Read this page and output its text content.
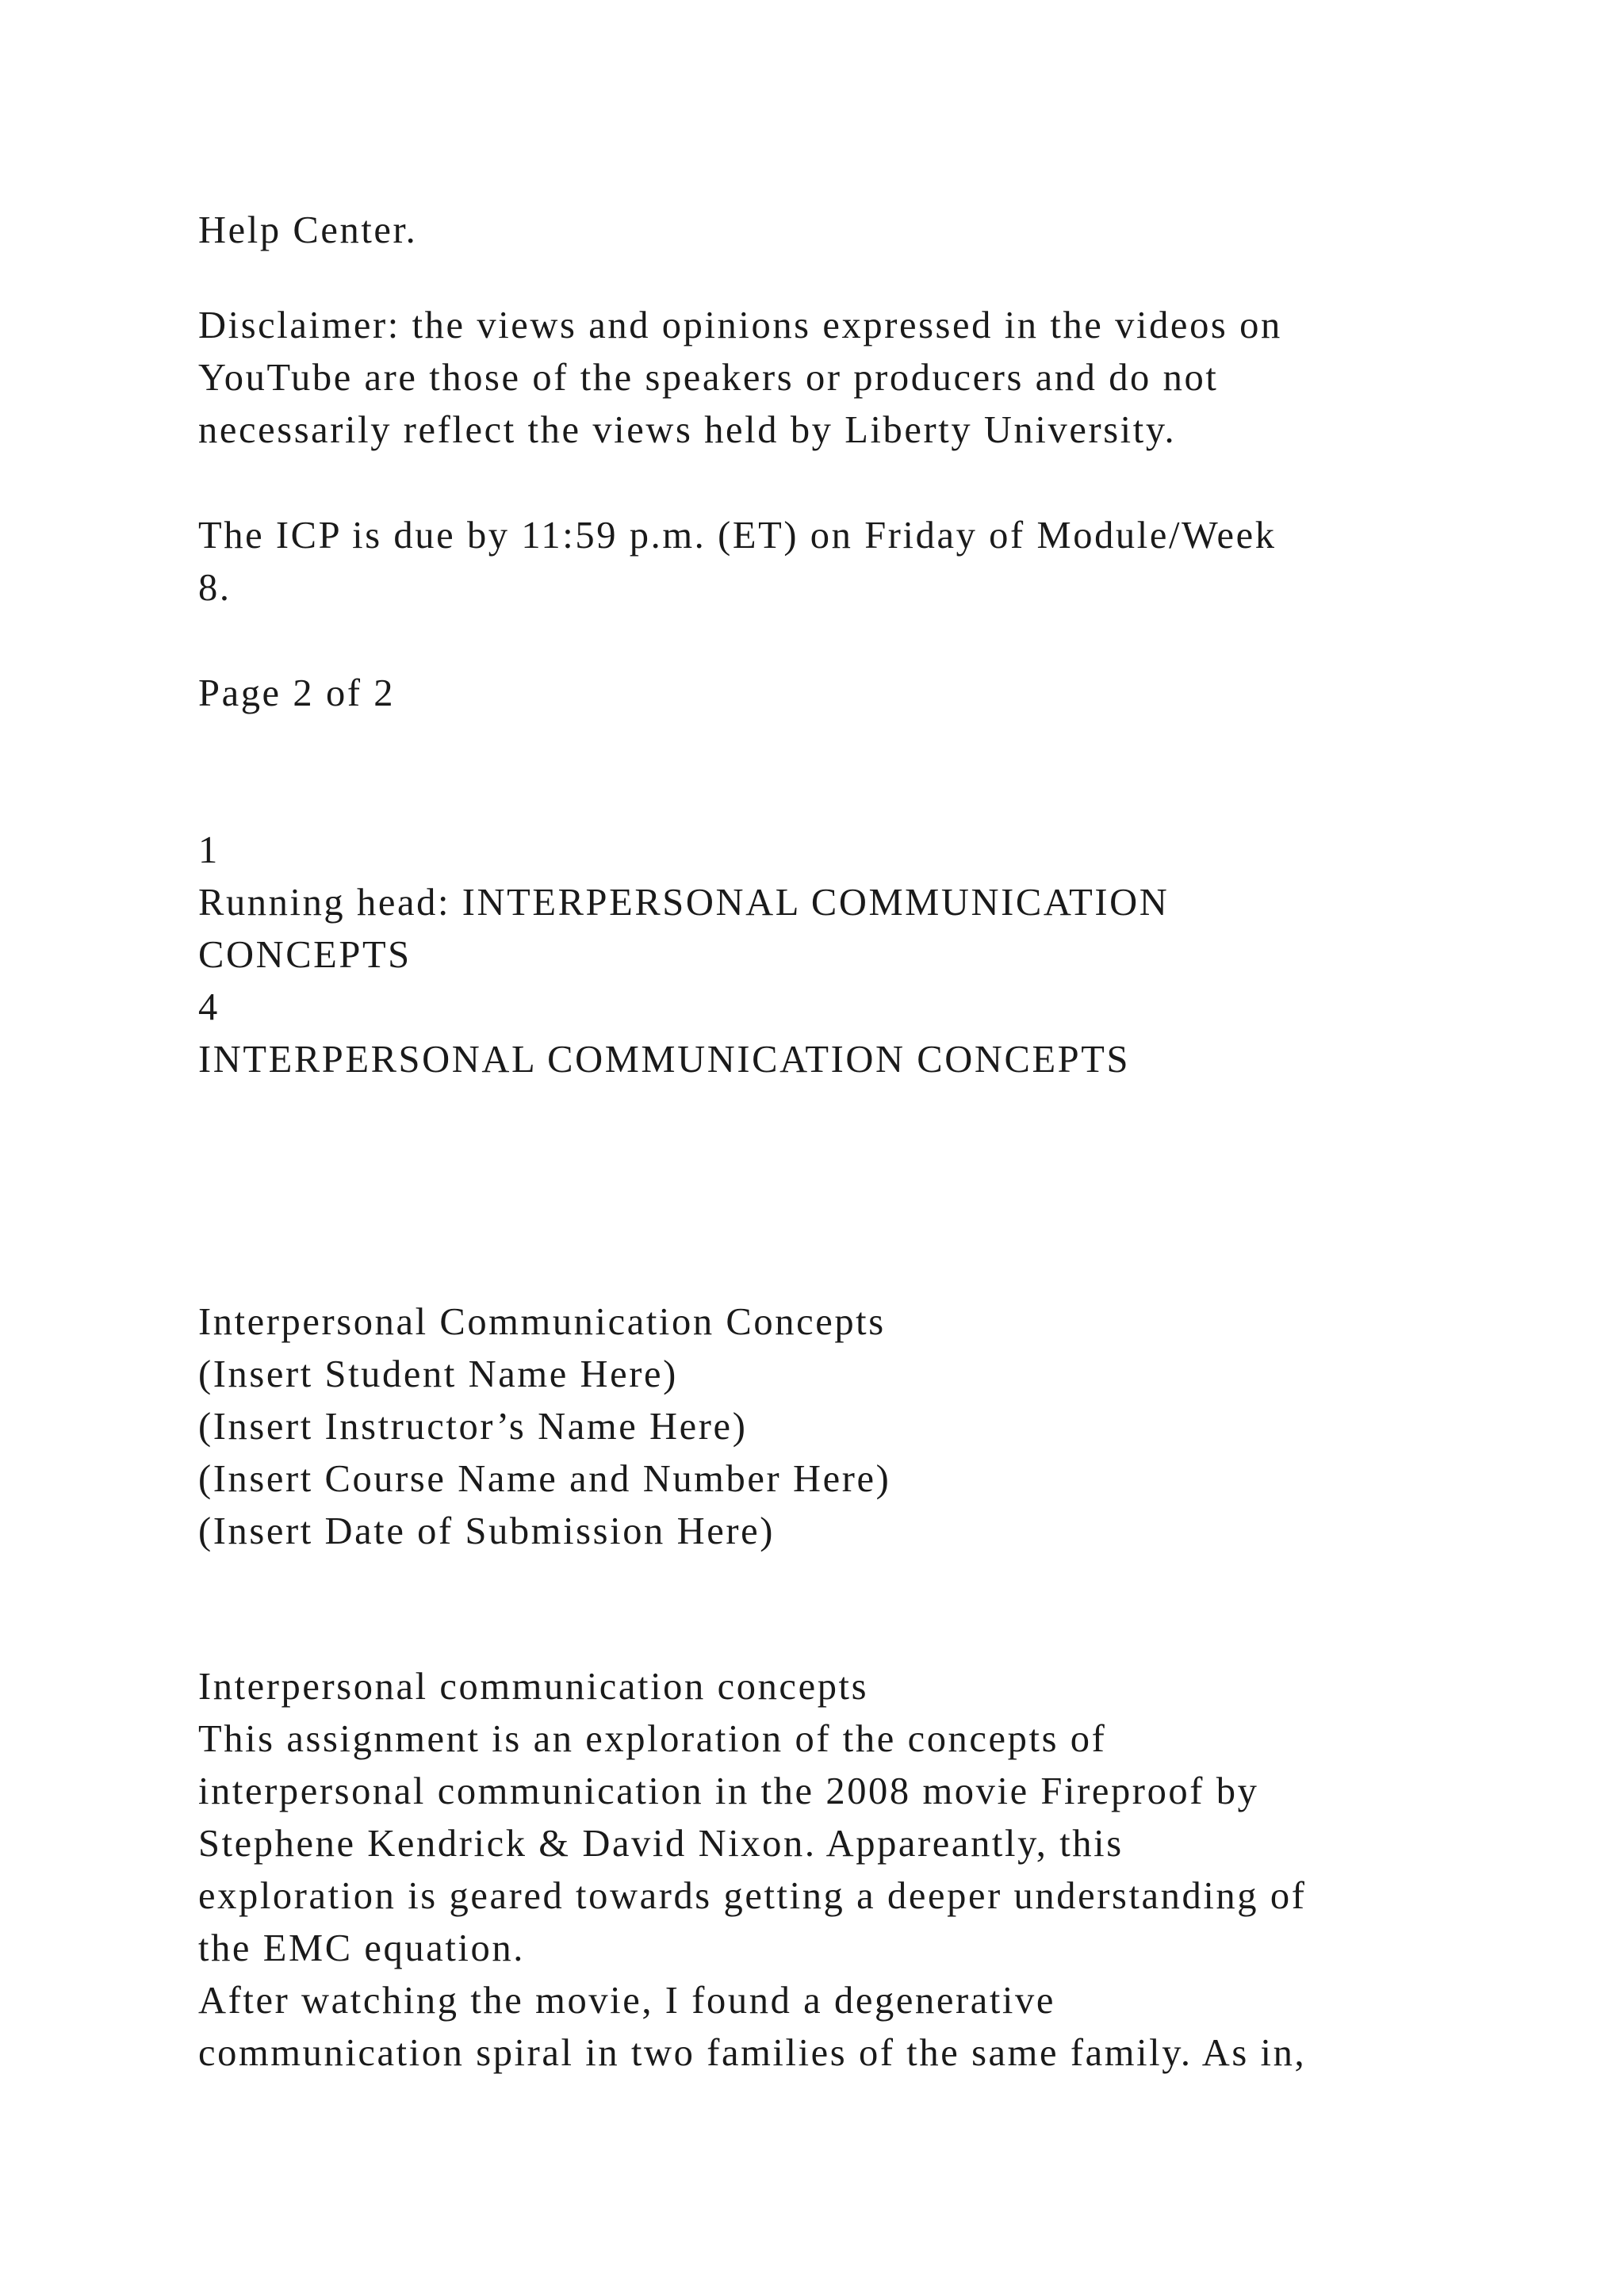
Help Center.

Disclaimer: the views and opinions expressed in the videos on
YouTube are those of the speakers or producers and do not
necessarily reflect the views held by Liberty University.

The ICP is due by 11:59 p.m. (ET) on Friday of Module/Week
8.

Page 2 of 2

1
Running head: INTERPERSONAL COMMUNICATION
CONCEPTS
4
INTERPERSONAL COMMUNICATION CONCEPTS

Interpersonal Communication Concepts
(Insert Student Name Here)
(Insert Instructor’s Name Here)
(Insert Course Name and Number Here)
(Insert Date of Submission Here)

Interpersonal communication concepts
This assignment is an exploration of the concepts of
interpersonal communication in the 2008 movie Fireproof by
Stephene Kendrick & David Nixon. Appareantly, this
exploration is geared towards getting a deeper understanding of
the EMC equation.
After watching the movie, I found a degenerative
communication spiral in two families of the same family. As in,
